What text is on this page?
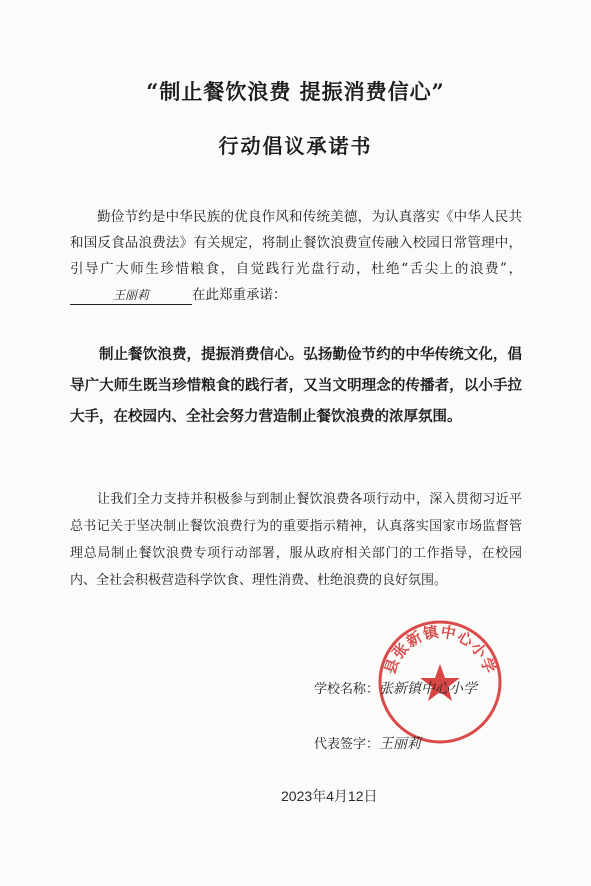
“制止餐饮浪费 提振消费信心”
行动倡议承诺书

勤俭节约是中华民族的优良作风和传统美德，为认真落实《中华人民共和国反食品浪费法》有关规定，将制止餐饮浪费宣传融入校园日常管理中，引导广大师生珍惜粮食，自觉践行光盘行动，杜绝“舌尖上的浪费”，王丽莉	在此郑重承诺：

制止餐饮浪费，提振消费信心。弘扬勤俭节约的中华传统文化，倡导广大师生既当珍惜粮食的践行者，又当文明理念的传播者，以小手拉大手，在校园内、全社会努力营造制止餐饮浪费的浓厚氛围。

让我们全力支持并积极参与到制止餐饮浪费各项行动中，深入贯彻习近平总书记关于坚决制止餐饮浪费行为的重要指示精神，认真落实国家市场监督管理总局制止餐饮浪费专项行动部署，服从政府相关部门的工作指导，在校园内、全社会积极营造科学饮食、理性消费、杜绝浪费的良好氛围。

县张新镇中心小学
学校名称：张新镇中心小学
代表签字：王丽莉
2023年4月12日
